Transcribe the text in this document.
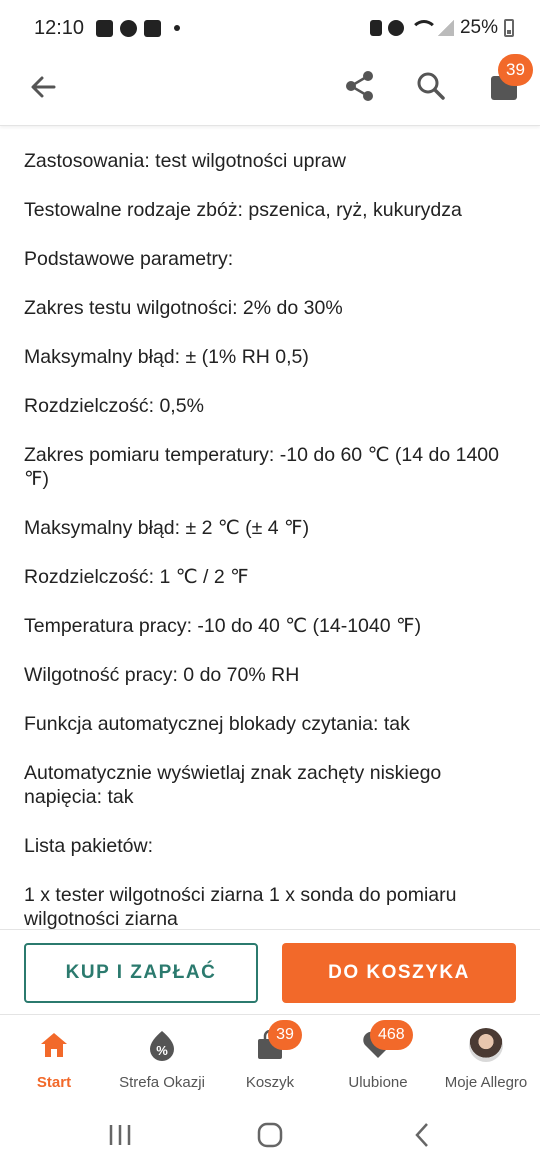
12:10	25%
39

Zastosowania: test wilgotności upraw

Testowalne rodzaje zbóż: pszenica, ryż, kukurydza

Podstawowe parametry:

Zakres testu wilgotności: 2% do 30%

Maksymalny błąd: ± (1% RH 0,5)

Rozdzielczość: 0,5%

Zakres pomiaru temperatury: -10 do 60 ℃ (14 do 1400 ℉)

Maksymalny błąd: ± 2 ℃ (± 4 ℉)

Rozdzielczość: 1 ℃ / 2 ℉

Temperatura pracy: -10 do 40 ℃ (14-1040 ℉)

Wilgotność pracy: 0 do 70% RH

Funkcja automatycznej blokady czytania: tak

Automatycznie wyświetlaj znak zachęty niskiego napięcia: tak

Lista pakietów:

1 x tester wilgotności ziarna 1 x sonda do pomiaru wilgotności ziarna

KUP I ZAPŁAĆ	DO KOSZYKA
Start
%
Strefa Okazji	Koszyk
39
Ulubione
468
Moje Allegro
